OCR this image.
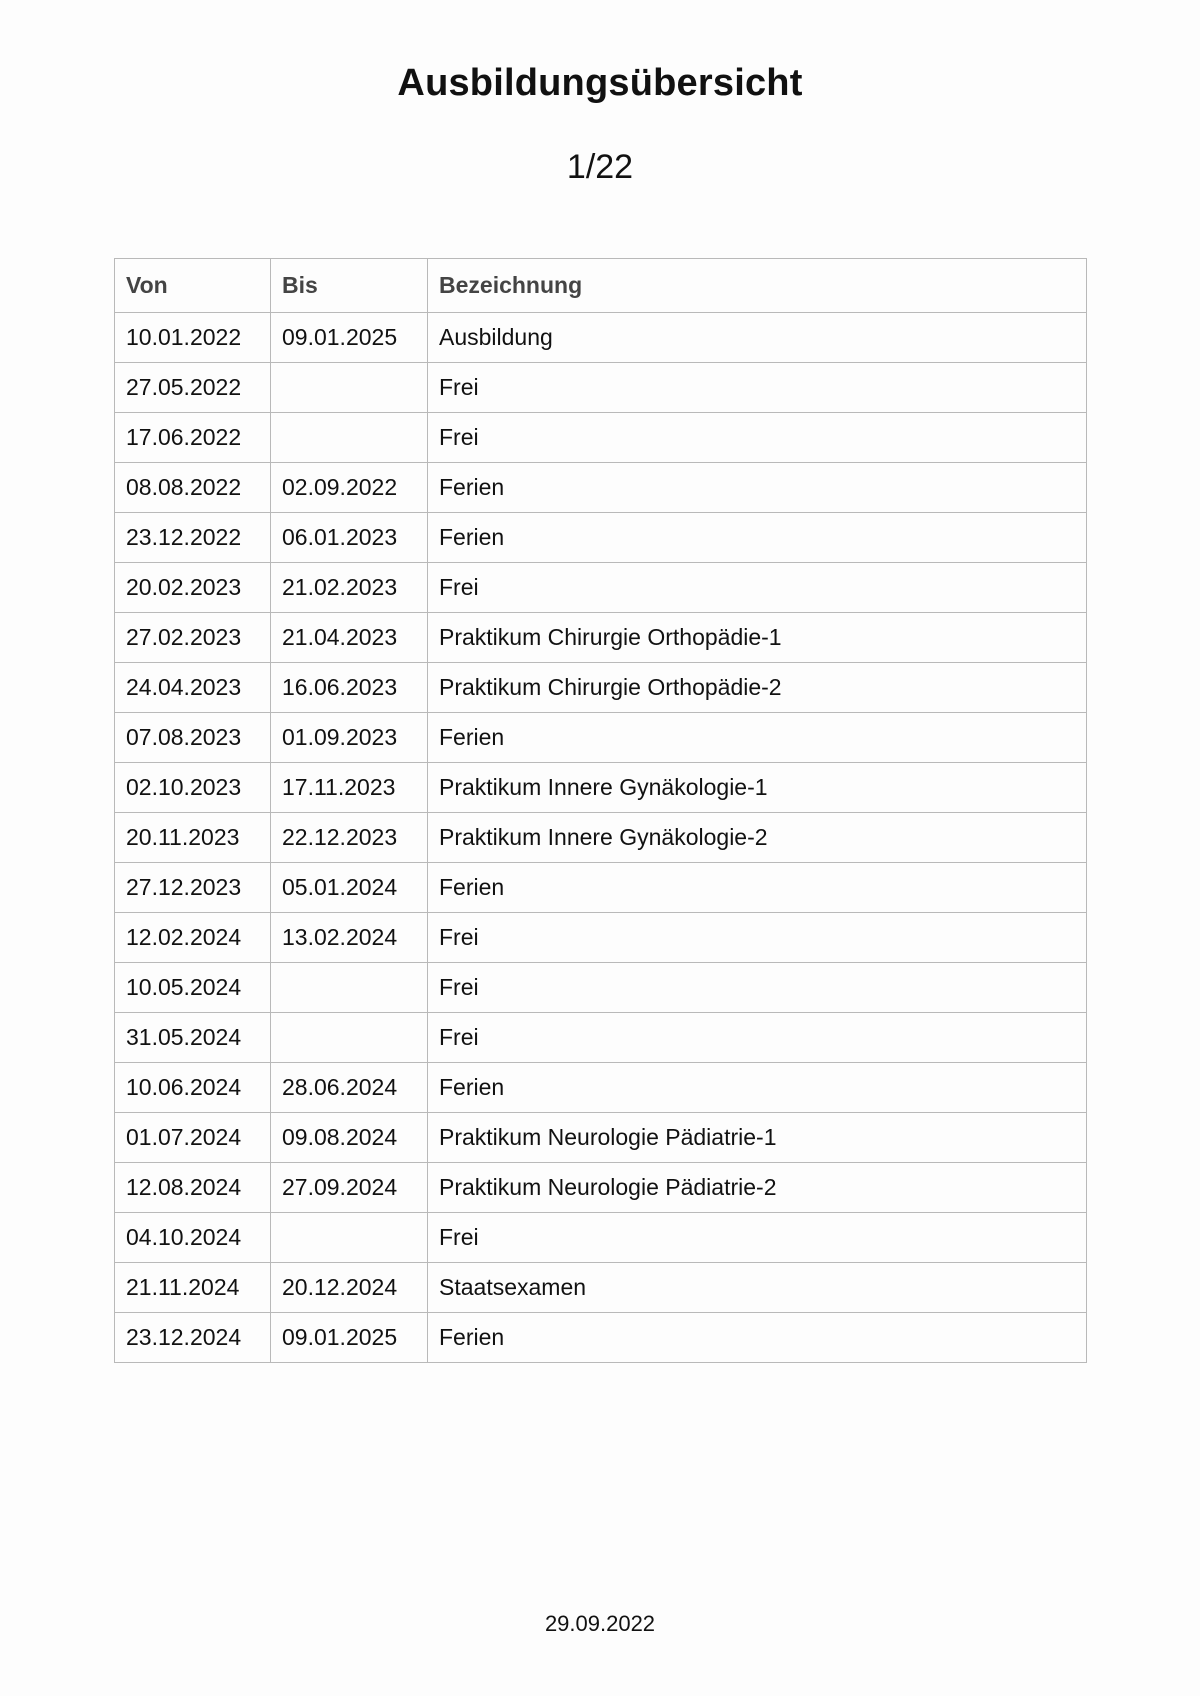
Ausbildungsübersicht
1/22
Von	Bis	Bezeichnung
10.01.2022	09.01.2025	Ausbildung
27.05.2022		Frei
17.06.2022		Frei
08.08.2022	02.09.2022	Ferien
23.12.2022	06.01.2023	Ferien
20.02.2023	21.02.2023	Frei
27.02.2023	21.04.2023	Praktikum Chirurgie Orthopädie-1
24.04.2023	16.06.2023	Praktikum Chirurgie Orthopädie-2
07.08.2023	01.09.2023	Ferien
02.10.2023	17.11.2023	Praktikum Innere Gynäkologie-1
20.11.2023	22.12.2023	Praktikum Innere Gynäkologie-2
27.12.2023	05.01.2024	Ferien
12.02.2024	13.02.2024	Frei
10.05.2024		Frei
31.05.2024		Frei
10.06.2024	28.06.2024	Ferien
01.07.2024	09.08.2024	Praktikum Neurologie Pädiatrie-1
12.08.2024	27.09.2024	Praktikum Neurologie Pädiatrie-2
04.10.2024		Frei
21.11.2024	20.12.2024	Staatsexamen
23.12.2024	09.01.2025	Ferien
29.09.2022
